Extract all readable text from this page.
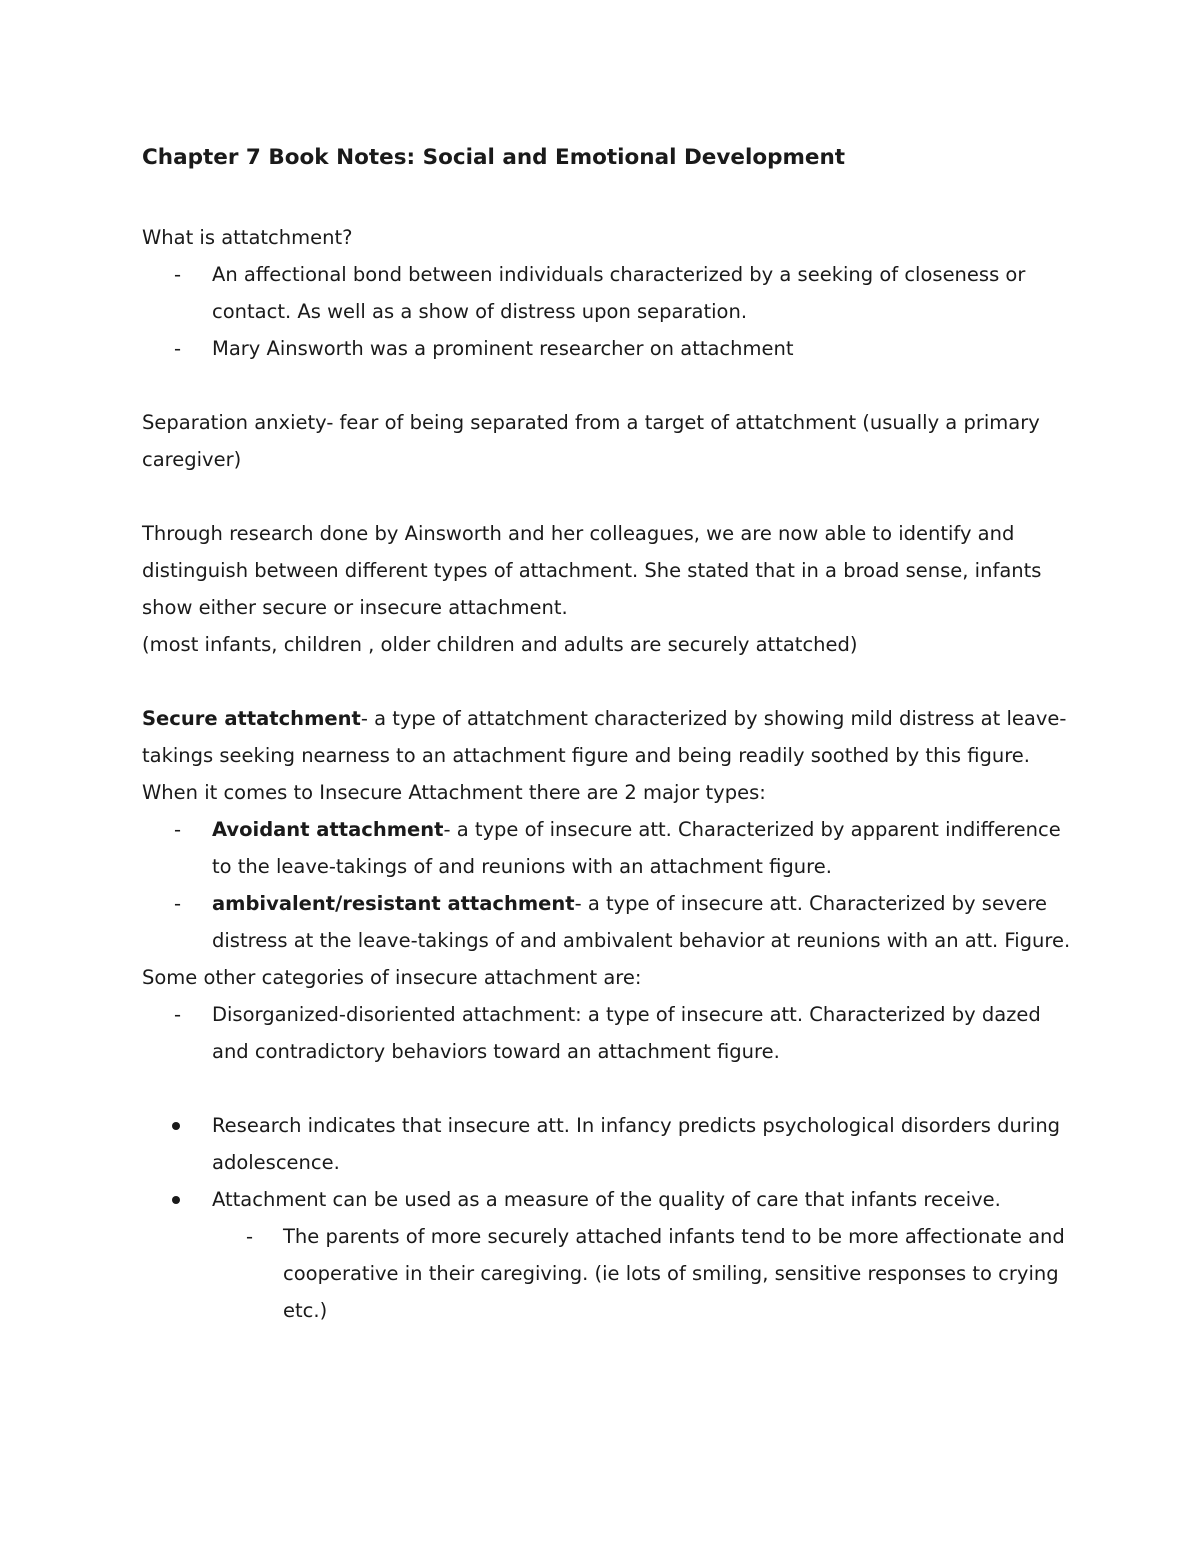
Chapter 7 Book Notes: Social and Emotional Development

What is attatchment?

- An affectional bond between individuals characterized by a seeking of closeness or contact. As well as a show of distress upon separation.

- Mary Ainsworth was a prominent researcher on attachment

Separation anxiety- fear of being separated from a target of attatchment (usually a primary caregiver)

Through research done by Ainsworth and her colleagues, we are now able to identify and distinguish between different types of attachment. She stated that in a broad sense, infants show either secure or insecure attachment.

(most infants, children , older children and adults are securely attatched)

Secure attatchment- a type of attatchment characterized by showing mild distress at leave-takings seeking nearness to an attachment figure and being readily soothed by this figure.

When it comes to Insecure Attachment there are 2 major types:

- Avoidant attachment- a type of insecure att. Characterized by apparent indifference to the leave-takings of and reunions with an attachment figure.

- ambivalent/resistant attachment- a type of insecure att. Characterized by severe distress at the leave-takings of and ambivalent behavior at reunions with an att. Figure.

Some other categories of insecure attachment are:

- Disorganized-disoriented attachment: a type of insecure att. Characterized by dazed and contradictory behaviors toward an attachment figure.

Research indicates that insecure att. In infancy predicts psychological disorders during adolescence.

Attachment can be used as a measure of the quality of care that infants receive.

- The parents of more securely attached infants tend to be more affectionate and cooperative in their caregiving. (ie lots of smiling, sensitive responses to crying etc.)
